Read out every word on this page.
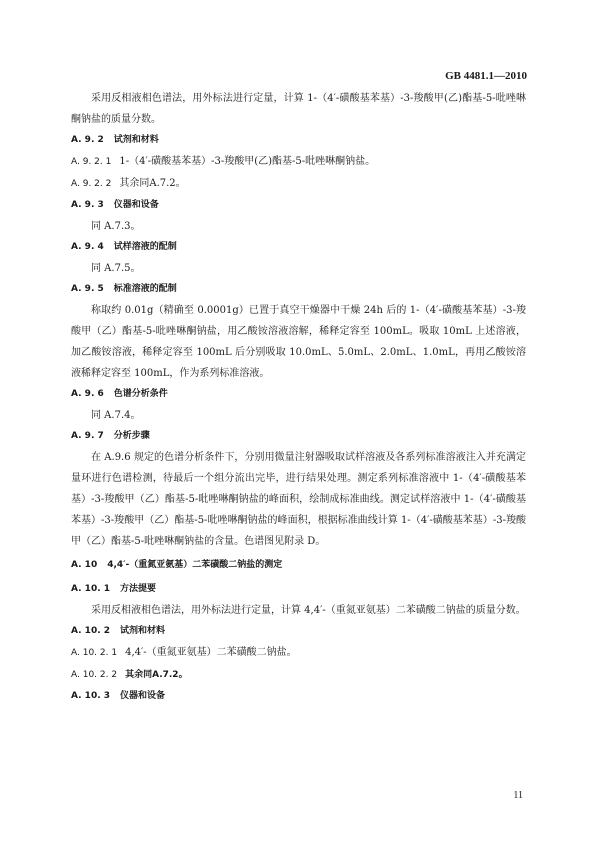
GB 4481.1—2010

采用反相液相色谱法，用外标法进行定量，计算 1-（4′-磺酸基苯基）-3-羧酸甲(乙)酯基-5-吡唑啉酮钠盐的质量分数。

A. 9. 2 试剂和材料
A. 9. 2. 1 1-（4′-磺酸基苯基）-3-羧酸甲(乙)酯基-5-吡唑啉酮钠盐。
A. 9. 2. 2 其余同A.7.2。
A. 9. 3 仪器和设备

同 A.7.3。

A. 9. 4 试样溶液的配制

同 A.7.5。

A. 9. 5 标准溶液的配制

称取约 0.01g（精确至 0.0001g）已置于真空干燥器中干燥 24h 后的 1-（4′-磺酸基苯基）-3-羧酸甲（乙）酯基-5-吡唑啉酮钠盐，用乙酸铵溶液溶解，稀释定容至 100mL。吸取 10mL 上述溶液，加乙酸铵溶液，稀释定容至 100mL 后分别吸取 10.0mL、5.0mL、2.0mL、1.0mL，再用乙酸铵溶液稀释定容至 100mL，作为系列标准溶液。

A. 9. 6 色谱分析条件

同 A.7.4。

A. 9. 7 分析步骤

在 A.9.6 规定的色谱分析条件下，分别用微量注射器吸取试样溶液及各系列标准溶液注入并充满定量环进行色谱检测，待最后一个组分流出完毕，进行结果处理。测定系列标准溶液中 1-（4′-磺酸基苯基）-3-羧酸甲（乙）酯基-5-吡唑啉酮钠盐的峰面积，绘制成标准曲线。测定试样溶液中 1-（4′-磺酸基苯基）-3-羧酸甲（乙）酯基-5-吡唑啉酮钠盐的峰面积，根据标准曲线计算 1-（4′-磺酸基苯基）-3-羧酸甲（乙）酯基-5-吡唑啉酮钠盐的含量。色谱图见附录 D。

A. 10 4,4′-（重氮亚氨基）二苯磺酸二钠盐的测定
A. 10. 1 方法提要

采用反相液相色谱法，用外标法进行定量，计算 4,4′-（重氮亚氨基）二苯磺酸二钠盐的质量分数。

A. 10. 2 试剂和材料
A. 10. 2. 1 4,4′-（重氮亚氨基）二苯磺酸二钠盐。
A. 10. 2. 2 其余同A.7.2。
A. 10. 3 仪器和设备
11
